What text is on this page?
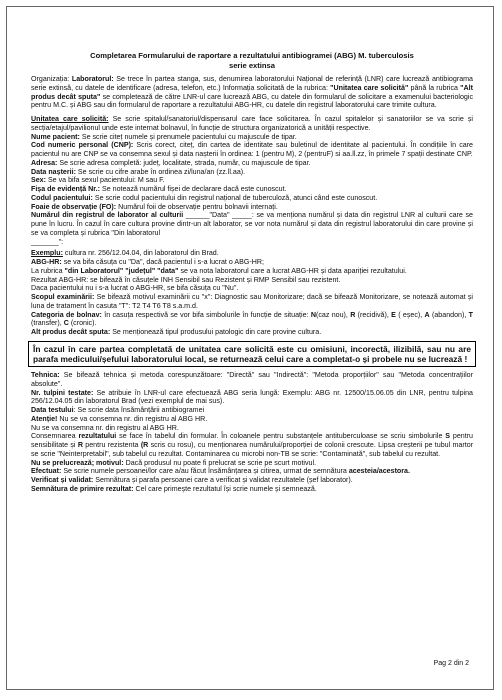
Completarea Formularului de raportare a rezultatului antibiogramei (ABG) M. tuberculosis
serie extinsa

Organizația: Laboratorul: Se trece în partea stanga, sus, denumirea laboratorului Național de referință (LNR) care lucrează antibiograma serie extinsă, cu datele de identificare (adresa, telefon, etc.) Informația solicitată de la rubrica: "Unitatea care solicită" până la rubrica "Alt produs decât sputa" se completează de către LNR-ul care lucrează ABG, cu datele din formularul de solicitare a examenului bacteriologic pentru M.C. și ABG sau din formularul de raportare a rezultatului ABG-HR, cu datele din registrul laboratorului care trimite cultura.

Unitatea care solicită: Se scrie spitalul/sanatoriul/dispensarul care face solicitarea. În cazul spitalelor și sanatoriilor se va scrie și secția/etajul/pavilionul unde este internat bolnavul, în funcție de structura organizatorică a unității respective.

Nume pacient: Se scrie citeț numele și prenumele pacientului cu majuscule de tipar.

Cod numeric personal (CNP): Scris corect, citeț, din cartea de identitate sau buletinul de identitate al pacientului. În condițiile în care pacientul nu are CNP se va consemna sexul și data nașterii în ordinea: 1 (pentru M), 2 (pentruF) si aa.ll.zz, în primele 7 spații destinate CNP.

Adresa: Se scrie adresa completă: județ, localitate, strada, număr, cu majuscule de tipar.

Data nașterii: Se scrie cu cifre arabe în ordinea zi/luna/an (zz.ll.aa).

Sex: Se va bifa sexul pacientului: M sau F.

Fișa de evidență Nr.: Se notează numărul fișei de declarare dacă este cunoscut.

Codul pacientului: Se scrie codul pacientului din registrul național de tuberculoză, atunci când este cunoscut.

Foaie de observație (FO): Numărul foii de observație pentru bolnavii internați.

Numărul din registrul de laborator al culturii ______"Data" _____: se va menționa numărul și data din registrul LNR al culturii care se pune în lucru. În cazul în care cultura provine dintr-un alt laborator, se vor nota numărul și data din registrul laboratorului din care provine și se va completa și rubrica "Din laboratorul
_______":

Exemplu: cultura nr. 256/12.04.04, din laboratorul din Brad.

ABG-HR: se va bifa căsuța cu "Da", dacă pacientul i s-a lucrat o ABG-HR;

La rubrica "din Laboratorul" "județul" "data" se va nota laboratorul care a lucrat ABG-HR și data apariției rezultatului.

Rezultat ABG-HR: se bifează în căsuțele INH Sensibil sau Rezistent și RMP Sensibil sau rezistent.

Daca pacientului nu i s-a lucrat o ABG-HR, se bifa căsuța cu "Nu".

Scopul examinării: Se bifează motivul examinării cu "x": Diagnostic sau Monitorizare; dacă se bifează Monitorizare, se notează automat și luna de tratament în casuta "T": T2 T4 T6 T8 s.a.m.d.

Categoria de bolnav: în casuța respectivă se vor bifa simbolurile în funcție de situație: N(caz nou), R (recidivă), E ( eșec), A (abandon), T (transfer), C (cronic).

Alt produs decât sputa: Se menționează tipul produsului patologic din care provine cultura.

În cazul în care partea completată de unitatea care solicită este cu omisiuni, incorectă, ilizibilă, sau nu are parafa medicului/șefului laboratorului local, se returnează celui care a completat-o și probele nu se lucrează !

Tehnica: Se bifează tehnica și metoda corespunzătoare: "Directă" sau "Indirectă": "Metoda proporțiilor" sau "Metoda concentrațiilor absolute".

Nr. tulpini testate: Se atribuie în LNR-ul care efectuează ABG seria lungă: Exemplu: ABG nr. 12500/15.06.05 din LNR, pentru tulpina 256/12.04.05 din laboratorul Brad (vezi exemplul de mai sus).

Data testului: Se scrie data însămânțării antibiogramei

Atenție! Nu se va consemna nr. din registru al ABG HR.

Nu se va consemna nr. din registru al ABG HR.

Consemnarea rezultatului se face în tabelul din formular. În coloanele pentru substanțele antituberculoase se scriu simbolurile S pentru sensibilitate și R pentru rezistenta (R scris cu rosu), cu menționarea numărului/proporției de colonii crescute. Lipsa creșterii pe tubul martor se scrie "Neinterpretabil", sub tabelul cu rezultat. Contaminarea cu microbi non-TB se scrie: "Contaminată", sub tabelul cu rezultat.

Nu se prelucrează; motivul: Dacă produsul nu poate fi prelucrat se scrie pe scurt motivul.

Efectuat: Se scrie numele persoanei/lor care a/au făcut însămânțarea și citirea, urmat de semnătura acesteia/acestora.

Verificat și validat: Semnătura și parafa persoanei care a verificat și validat rezultatele (șef laborator).

Semnătura de primire rezultat: Cel care primește rezultatul își scrie numele și semnează.

Pag 2 din 2
